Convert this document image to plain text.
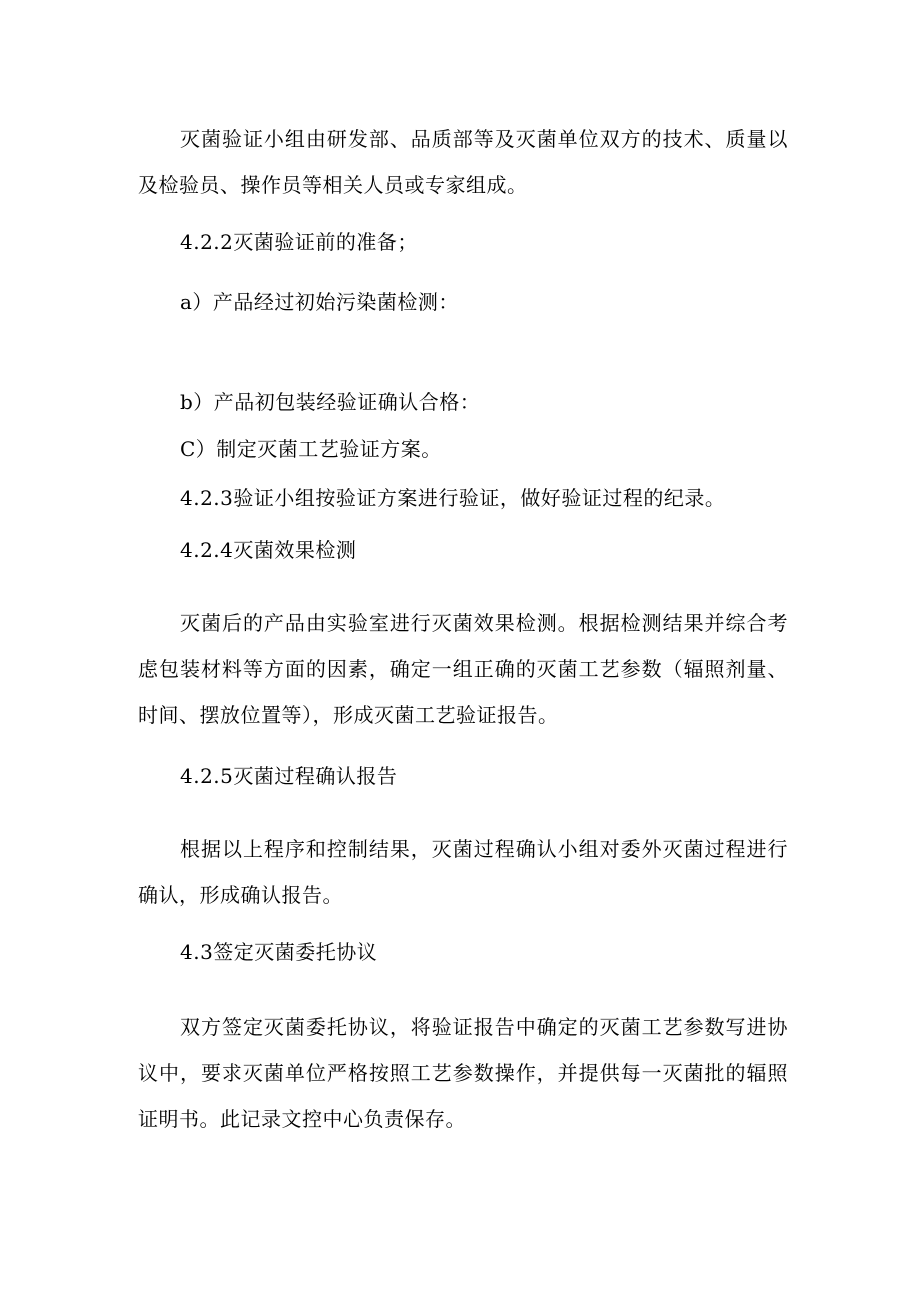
灭菌验证小组由研发部、品质部等及灭菌单位双方的技术、质量以及检验员、操作员等相关人员或专家组成。
4.2.2灭菌验证前的准备；
a）产品经过初始污染菌检测：
b）产品初包装经验证确认合格：
C）制定灭菌工艺验证方案。
4.2.3验证小组按验证方案进行验证，做好验证过程的纪录。
4.2.4灭菌效果检测
灭菌后的产品由实验室进行灭菌效果检测。根据检测结果并综合考虑包装材料等方面的因素，确定一组正确的灭菌工艺参数（辐照剂量、时间、摆放位置等），形成灭菌工艺验证报告。
4.2.5灭菌过程确认报告
根据以上程序和控制结果，灭菌过程确认小组对委外灭菌过程进行确认，形成确认报告。
4.3签定灭菌委托协议
双方签定灭菌委托协议，将验证报告中确定的灭菌工艺参数写进协议中，要求灭菌单位严格按照工艺参数操作，并提供每一灭菌批的辐照证明书。此记录文控中心负责保存。
